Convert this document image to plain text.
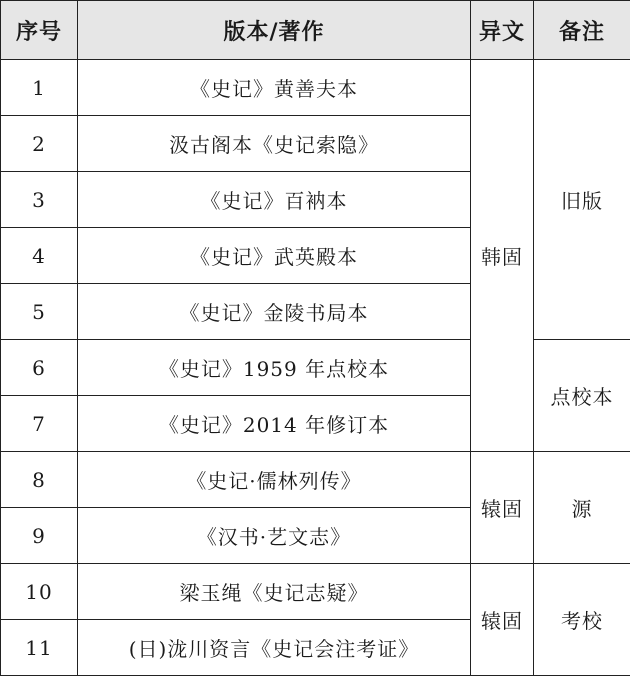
序号	版本/著作	异文	备注
1	《史记》黄善夫本	韩固	旧版
2	汲古阁本《史记索隐》		
3	《史记》百衲本		
4	《史记》武英殿本		
5	《史记》金陵书局本		
6	《史记》1959 年点校本		点校本
7	《史记》2014 年修订本		
8	《史记·儒林列传》	辕固	源
9	《汉书·艺文志》		
10	梁玉绳《史记志疑》	辕固	考校
11	(日)泷川资言《史记会注考证》		
